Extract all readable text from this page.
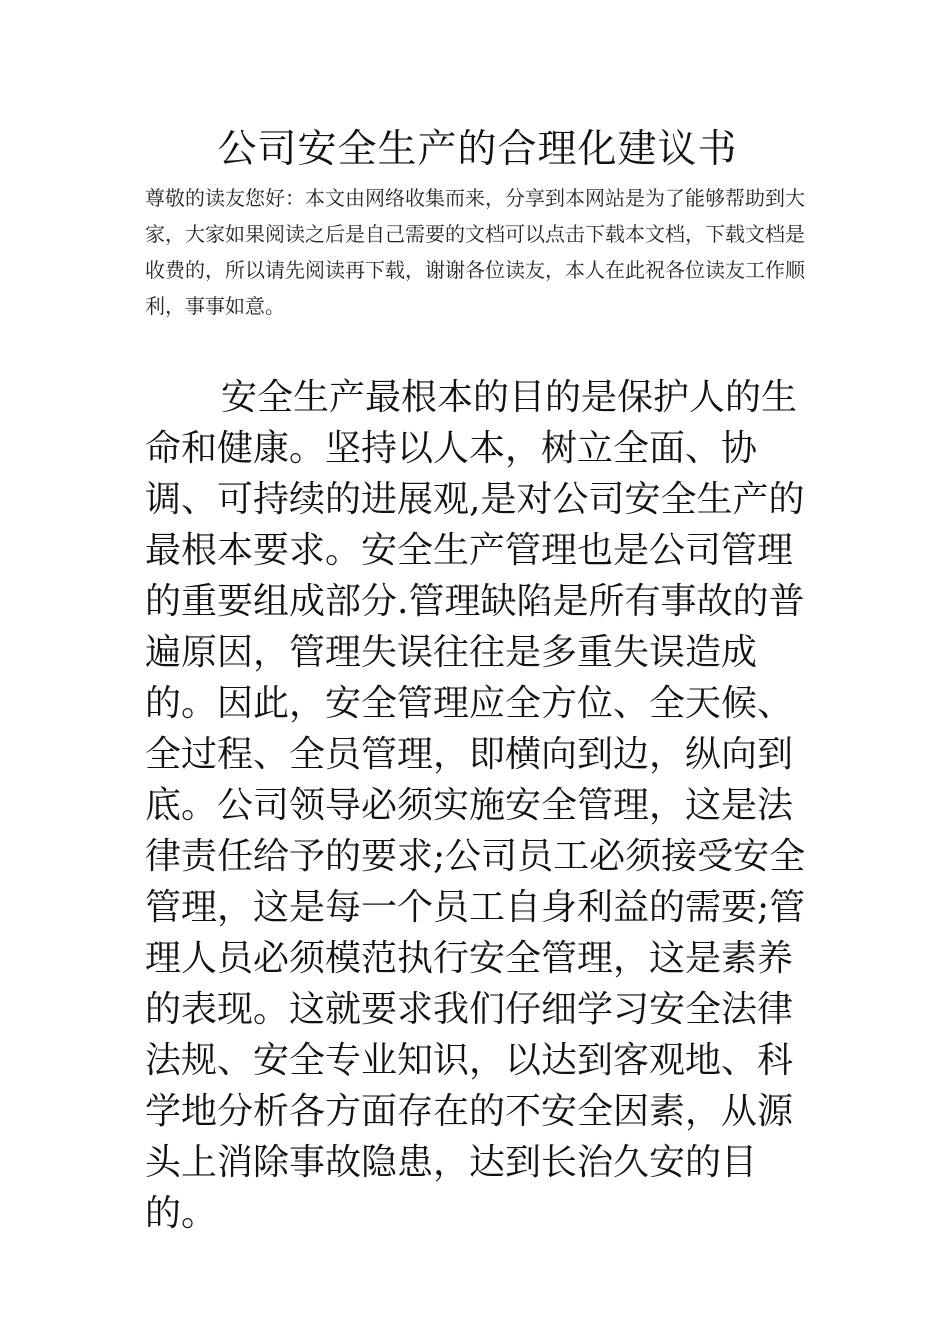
公司安全生产的合理化建议书

尊敬的读友您好：本文由网络收集而来，分享到本网站是为了能够帮助到大家，大家如果阅读之后是自己需要的文档可以点击下载本文档，下载文档是收费的，所以请先阅读再下载，谢谢各位读友，本人在此祝各位读友工作顺利，事事如意。

安全生产最根本的目的是保护人的生命和健康。坚持以人本，树立全面、协调、可持续的进展观,是对公司安全生产的最根本要求。安全生产管理也是公司管理的重要组成部分.管理缺陷是所有事故的普遍原因，管理失误往往是多重失误造成的。因此，安全管理应全方位、全天候、全过程、全员管理，即横向到边，纵向到底。公司领导必须实施安全管理，这是法律责任给予的要求;公司员工必须接受安全管理，这是每一个员工自身利益的需要;管理人员必须模范执行安全管理，这是素养的表现。这就要求我们仔细学习安全法律法规、安全专业知识，以达到客观地、科学地分析各方面存在的不安全因素，从源头上消除事故隐患，达到长治久安的目的。
